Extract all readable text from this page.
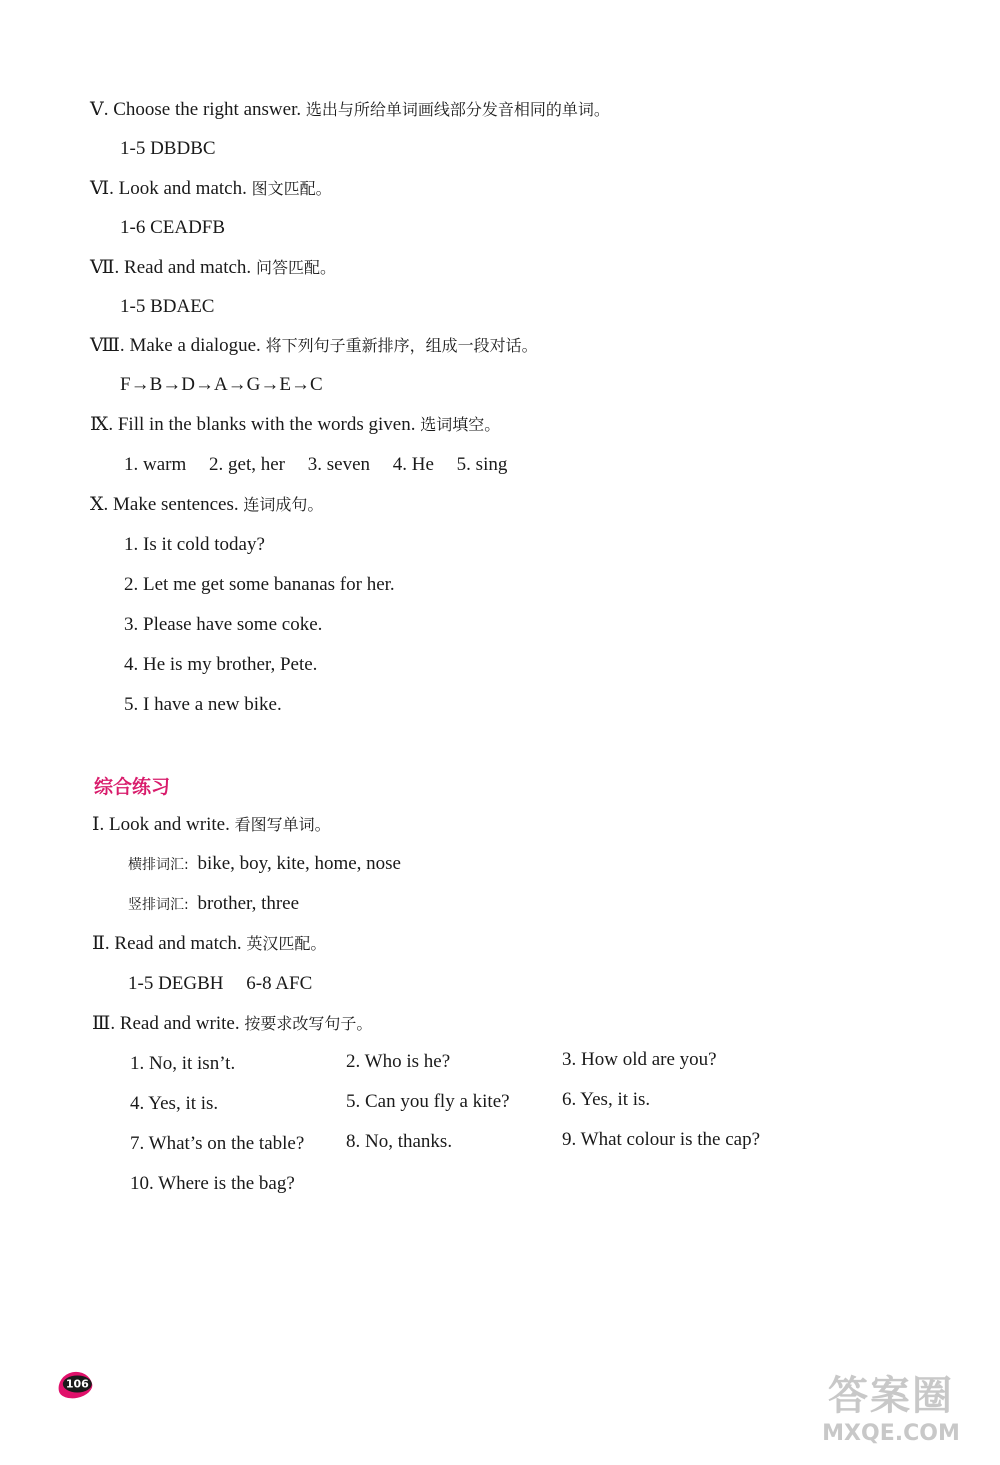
Ⅴ. Choose the right answer. 选出与所给单词画线部分发音相同的单词。
1-5 DBDBC
Ⅵ. Look and match. 图文匹配。
1-6 CEADFB
Ⅶ. Read and match. 问答匹配。
1-5 BDAEC
Ⅷ. Make a dialogue. 将下列句子重新排序，组成一段对话。
F→B→D→A→G→E→C
Ⅸ. Fill in the blanks with the words given. 选词填空。
1. warm 2. get, her 3. seven 4. He 5. sing
Ⅹ. Make sentences. 连词成句。
1. Is it cold today?
2. Let me get some bananas for her.
3. Please have some coke.
4. He is my brother, Pete.
5. I have a new bike.
综合练习
Ⅰ. Look and write. 看图写单词。
横排词汇: bike, boy, kite, home, nose
竖排词汇: brother, three
Ⅱ. Read and match. 英汉匹配。
1-5 DEGBH 6-8 AFC
Ⅲ. Read and write. 按要求改写句子。
1. No, it isn’t.	2. Who is he?	3. How old are you?
4. Yes, it is.	5. Can you fly a kite?	6. Yes, it is.
7. What’s on the table? 8. No, thanks.	9. What colour is the cap?
10. Where is the bag?
106	答案圈
MXQE.COM
